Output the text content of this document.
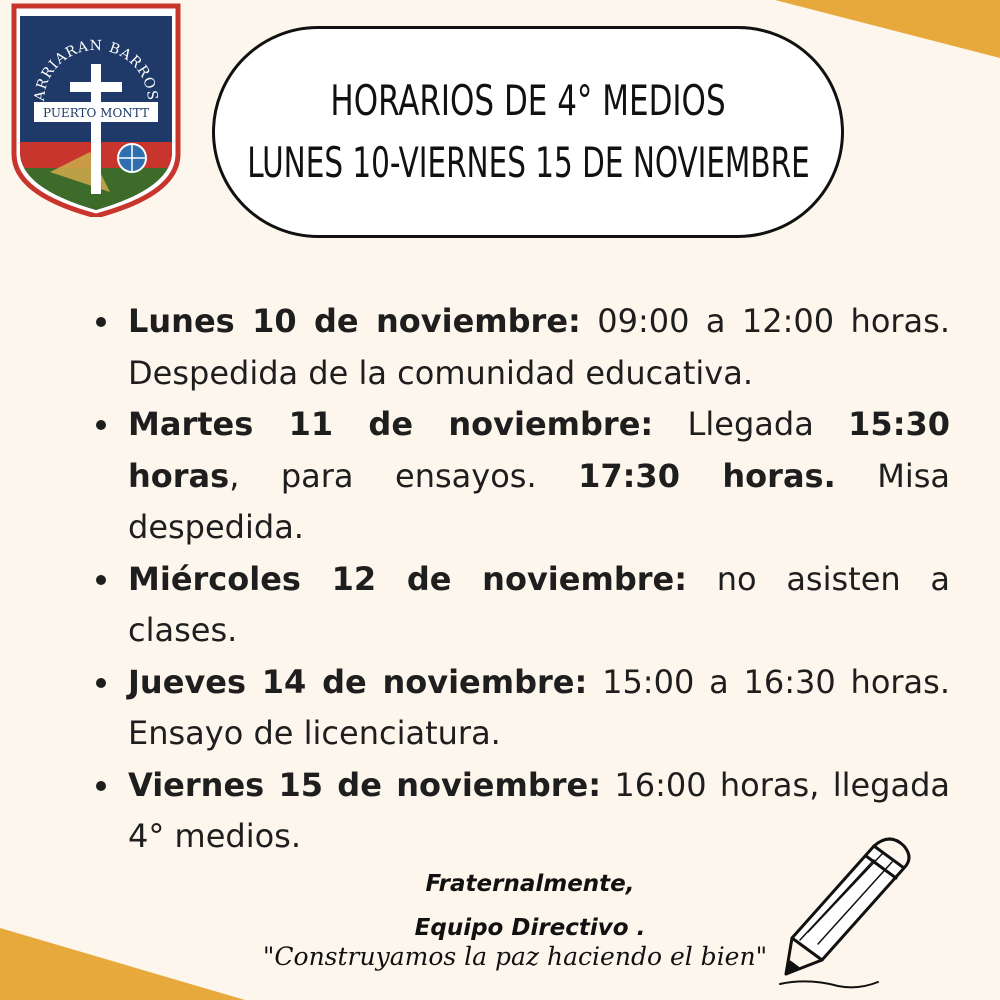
ARRIARAN BARROS
PUERTO MONTT	HORARIOS DE 4° MEDIOS
LUNES 10-VIERNES 15 DE NOVIEMBRE
Lunes 10 de noviembre: 09:00 a 12:00 horas. Despedida de la comunidad educativa.
Martes 11 de noviembre: Llegada 15:30 horas, para ensayos. 17:30 horas. Misa despedida.
Miércoles 12 de noviembre: no asisten a clases.
Jueves 14 de noviembre: 15:00 a 16:30 horas. Ensayo de licenciatura.
Viernes 15 de noviembre: 16:00 horas, llegada 4° medios.
Fraternalmente,
Equipo Directivo .
"Construyamos la paz haciendo el bien"
